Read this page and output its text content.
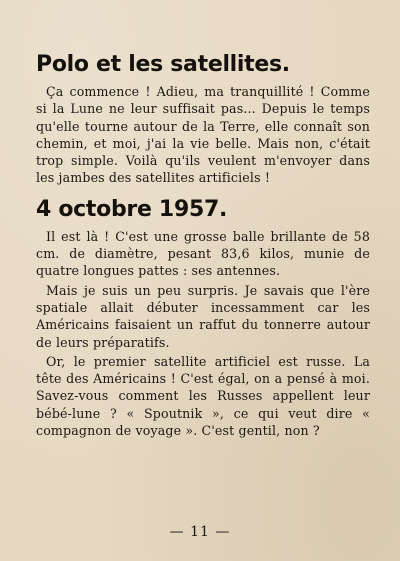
Polo et les satellites.

Ça commence ! Adieu, ma tranquillité ! Comme si la Lune ne leur suffisait pas... Depuis le temps qu'elle tourne autour de la Terre, elle connaît son chemin, et moi, j'ai la vie belle. Mais non, c'était trop simple. Voilà qu'ils veulent m'envoyer dans les jambes des satellites artificiels !

4 octobre 1957.

Il est là ! C'est une grosse balle brillante de 58 cm. de diamètre, pesant 83,6 kilos, munie de quatre longues pattes : ses antennes.

Mais je suis un peu surpris. Je savais que l'ère spatiale allait débuter incessamment car les Américains faisaient un raffut du tonnerre autour de leurs préparatifs.

Or, le premier satellite artificiel est russe. La tête des Américains ! C'est égal, on a pensé à moi. Savez-vous comment les Russes appellent leur bébé-lune ? « Spoutnik », ce qui veut dire « compagnon de voyage ». C'est gentil, non ?

— 11 —
